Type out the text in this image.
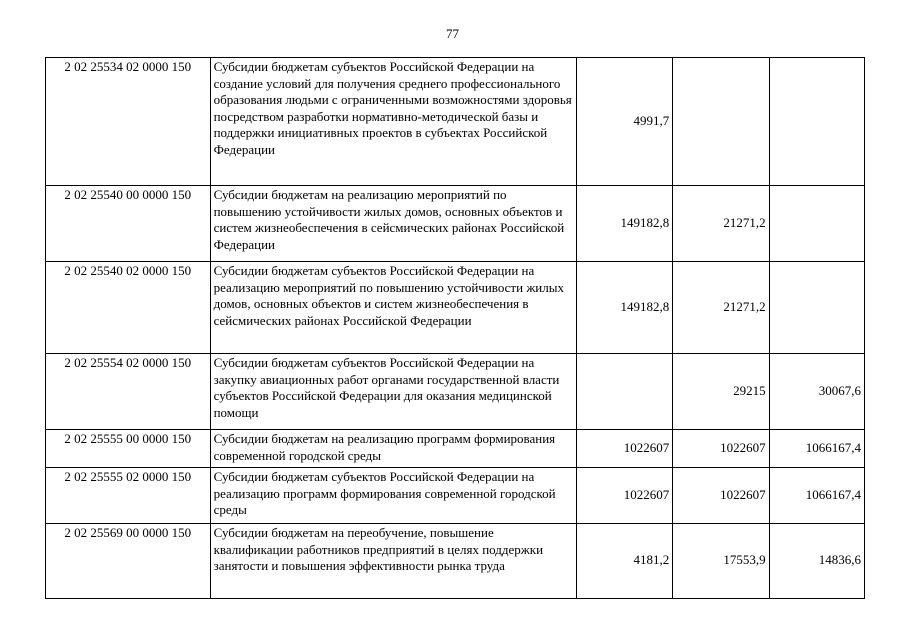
77
2 02 25534 02 0000 150	Субсидии бюджетам субъектов Российской Федерации на создание условий для получения среднего профессионального образования людьми с ограниченными возможностями здоровья посредством разработки нормативно-методической базы и поддержки инициативных проектов в субъектах Российской Федерации	4991,7		
2 02 25540 00 0000 150	Субсидии бюджетам на реализацию мероприятий по повышению устойчивости жилых домов, основных объектов и систем жизнеобеспечения в сейсмических районах Российской Федерации	149182,8	21271,2	
2 02 25540 02 0000 150	Субсидии бюджетам субъектов Российской Федерации на реализацию мероприятий по повышению устойчивости жилых домов, основных объектов и систем жизнеобеспечения в сейсмических районах Российской Федерации	149182,8	21271,2	
2 02 25554 02 0000 150	Субсидии бюджетам субъектов Российской Федерации на закупку авиационных работ органами государственной власти субъектов Российской Федерации для оказания медицинской помощи		29215	30067,6
2 02 25555 00 0000 150	Субсидии бюджетам на реализацию программ формирования современной городской среды	1022607	1022607	1066167,4
2 02 25555 02 0000 150	Субсидии бюджетам субъектов Российской Федерации на реализацию программ формирования современной городской среды	1022607	1022607	1066167,4
2 02 25569 00 0000 150	Субсидии бюджетам на переобучение, повышение квалификации работников предприятий в целях поддержки занятости и повышения эффективности рынка труда	4181,2	17553,9	14836,6
